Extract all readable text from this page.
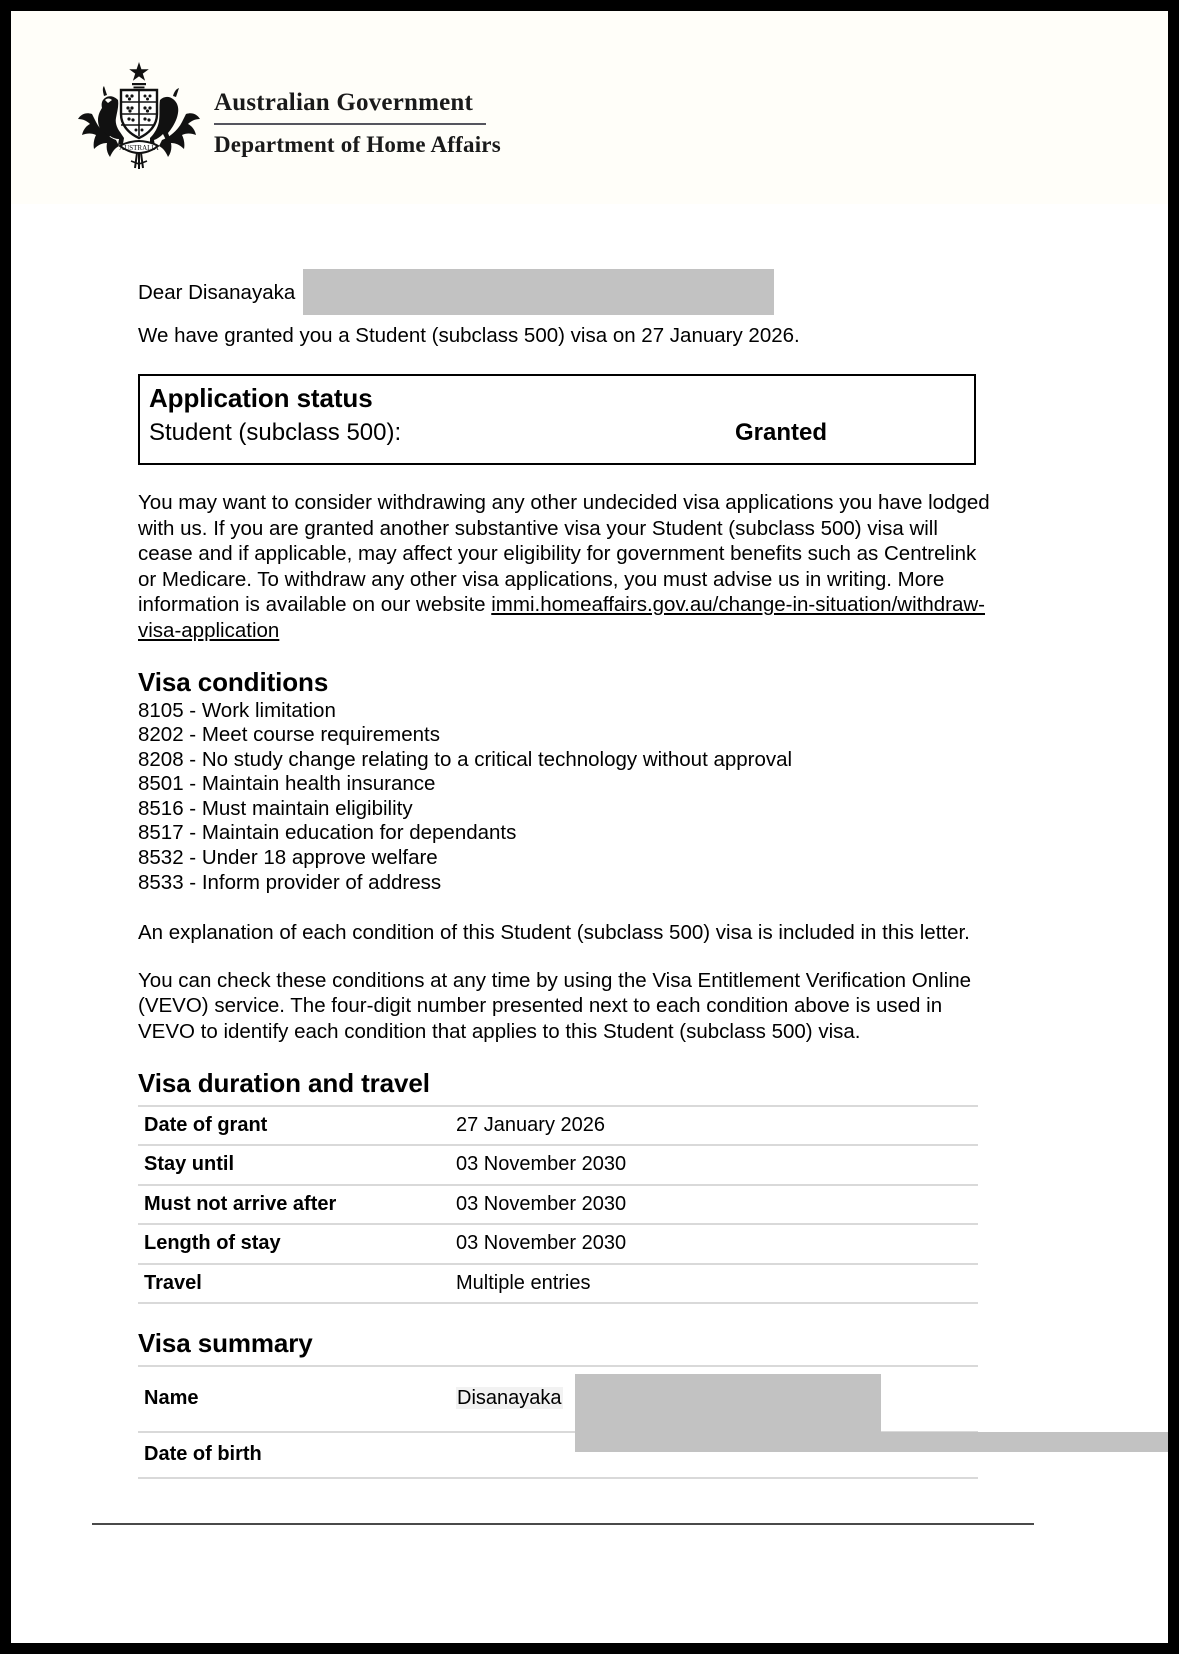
AUSTRALIA
Australian Government
Department of Home Affairs
Dear Disanayaka
We have granted you a Student (subclass 500) visa on 27 January 2026.
Application status
Student (subclass 500):	Granted
You may want to consider withdrawing any other undecided visa applications you have lodged with us. If you are granted another substantive visa your Student (subclass 500) visa will cease and if applicable, may affect your eligibility for government benefits such as Centrelink or Medicare. To withdraw any other visa applications, you must advise us in writing. More information is available on our website immi.homeaffairs.gov.au/change-in-situation/withdraw-visa-application
Visa conditions
8105 - Work limitation
8202 - Meet course requirements
8208 - No study change relating to a critical technology without approval
8501 - Maintain health insurance
8516 - Must maintain eligibility
8517 - Maintain education for dependants
8532 - Under 18 approve welfare
8533 - Inform provider of address
An explanation of each condition of this Student (subclass 500) visa is included in this letter.
You can check these conditions at any time by using the Visa Entitlement Verification Online (VEVO) service. The four-digit number presented next to each condition above is used in VEVO to identify each condition that applies to this Student (subclass 500) visa.
Visa duration and travel
Date of grant	27 January 2026
Stay until	03 November 2030
Must not arrive after	03 November 2030
Length of stay	03 November 2030
Travel	Multiple entries
Visa summary
Name	Disanayaka
Date of birth	
